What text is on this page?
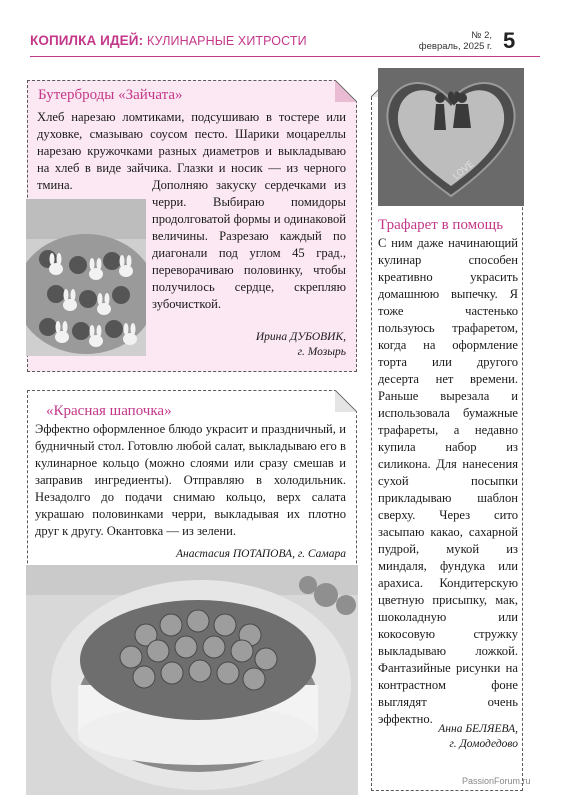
КОПИЛКА ИДЕЙ: КУЛИНАРНЫЕ ХИТРОСТИ	№ 2,
февраль, 2025 г. 5
Бутерброды «Зайчата»
Хлеб нарезаю ломтиками, подсушиваю в тостере или духовке, смазываю соусом песто. Шарики моцареллы нарезаю кружочками разных диаметров и выкладываю на хлеб в виде зайчика. Глазки и носик — из черного тмина.	Дополняю закуску сердечками из черри. Выбираю помидоры продолговатой формы и одинаковой величины. Разрезаю каждый по диагонали под углом 45 град., переворачиваю половинку, чтобы получилось сердце, скрепляю зубочисткой.
Ирина ДУБОВИК,
г. Мозырь
«Красная шапочка»
Эффектно оформленное блюдо украсит и праздничный, и будничный стол. Готовлю любой салат, выкладываю его в кулинарное кольцо (можно слоями или сразу смешав и заправив ингредиенты). Отправляю в холодильник. Незадолго до подачи снимаю кольцо, верх салата украшаю половинками черри, выкладывая их плотно друг к другу. Окантовка — из зелени.
Анастасия ПОТАПОВА, г. Самара
LOVE
Трафарет в помощь
С ним даже начинающий кулинар способен креативно украсить домашнюю выпечку. Я тоже частенько пользуюсь трафаретом, когда на оформление торта или другого десерта нет времени. Раньше вырезала и использовала бумажные трафареты, а недавно купила набор из силикона. Для нанесения сухой посыпки прикладываю шаблон сверху. Через сито засыпаю какао, сахарной пудрой, мукой из миндаля, фундука или арахиса. Кондитерскую цветную присыпку, мак, шоколадную или кокосовую стружку выкладываю ложкой. Фантазийные рисунки на контрастном фоне выглядят очень эффектно.
Анна БЕЛЯЕВА,
г. Домодедово
PassionForum.ru
